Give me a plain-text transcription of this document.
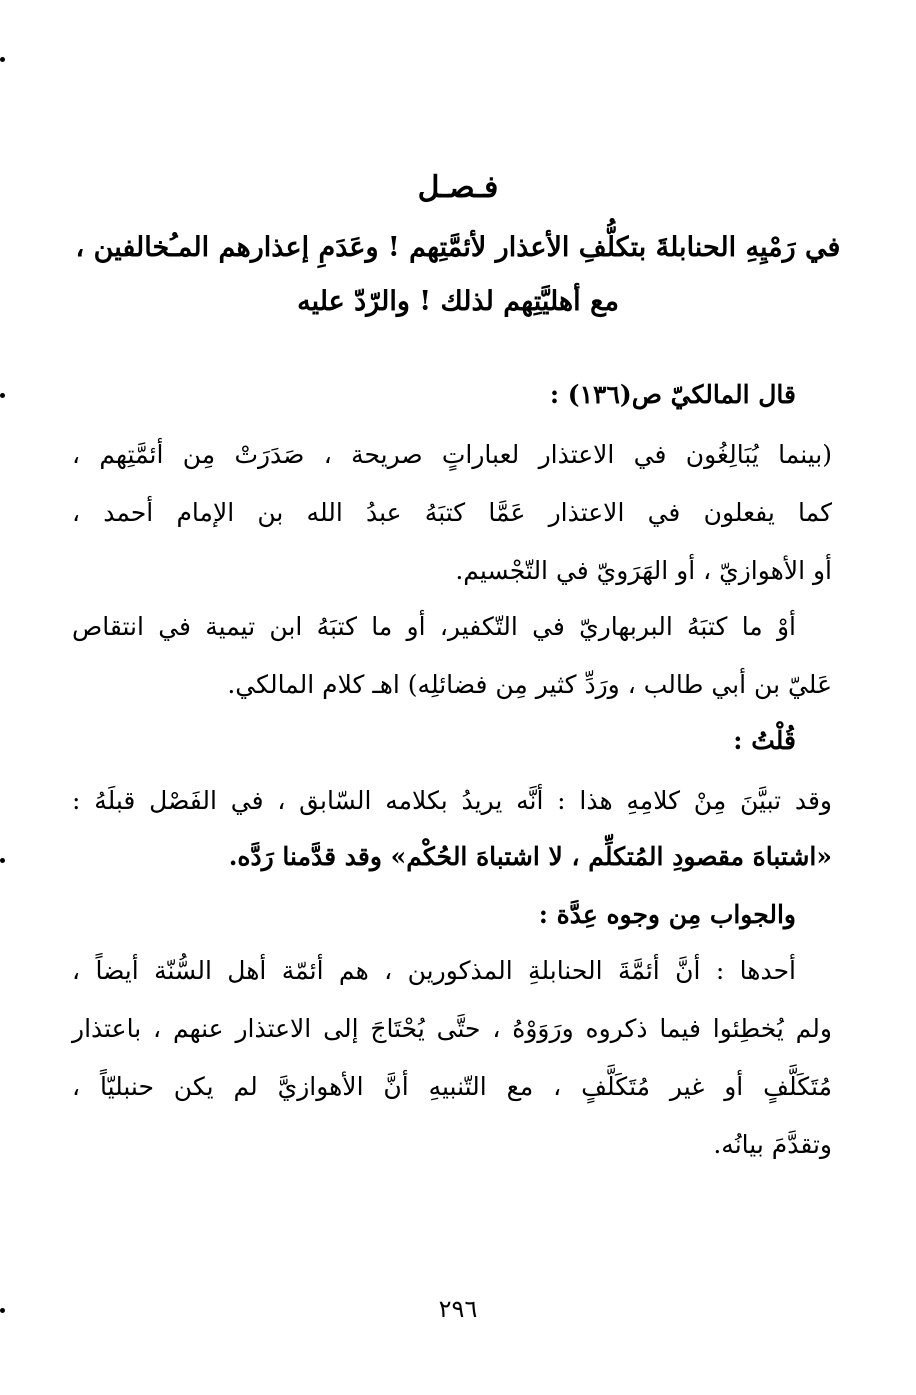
فـصـل
في رَمْيِهِ الحنابلةَ بتكلُّفِ الأعذار لأئمَّتِهم ! وعَدَمِ إعذارهم المـُخالفين ،
مع أهليَّتِهم لذلك ! والرّدّ عليه
قال المالكيّ ص(١٣٦) :
(بينما يُبَالِغُون في الاعتذار لعباراتٍ صريحة ، صَدَرَتْ مِن أئمَّتِهم ،
كما يفعلون في الاعتذار عَمَّا كتبَهُ عبدُ الله بن الإمام أحمد ،
أو الأهوازيّ ، أو الهَرَويّ في التّجْسيم.
أوْ ما كتبَهُ البربهاريّ في التّكفير، أو ما كتبَهُ ابن تيمية في انتقاص
عَليّ بن أبي طالب ، ورَدِّ كثير مِن فضائلِه) اهـ كلام المالكي.
قُلْتُ :
وقد تبيَّنَ مِنْ كلامِهِ هذا : أنَّه يريدُ بكلامه السّابق ، في الفَصْل قبلَهُ :
«اشتباهَ مقصودِ المُتكلِّم ، لا اشتباهَ الحُكْم» وقد قدَّمنا رَدَّه.
والجواب مِن وجوه عِدَّة :
أحدها : أنَّ أئمَّةَ الحنابلةِ المذكورين ، هم أئمّة أهل السُّنّة أيضاً ،
ولم يُخطِئوا فيما ذكروه ورَوَوْهُ ، حتَّى يُحْتَاجَ إلى الاعتذار عنهم ، باعتذار
مُتَكَلَّفٍ أو غير مُتَكَلَّفٍ ، مع التّنبيهِ أنَّ الأهوازيَّ لم يكن حنبليّاً ،
وتقدَّمَ بيانُه.
٢٩٦
